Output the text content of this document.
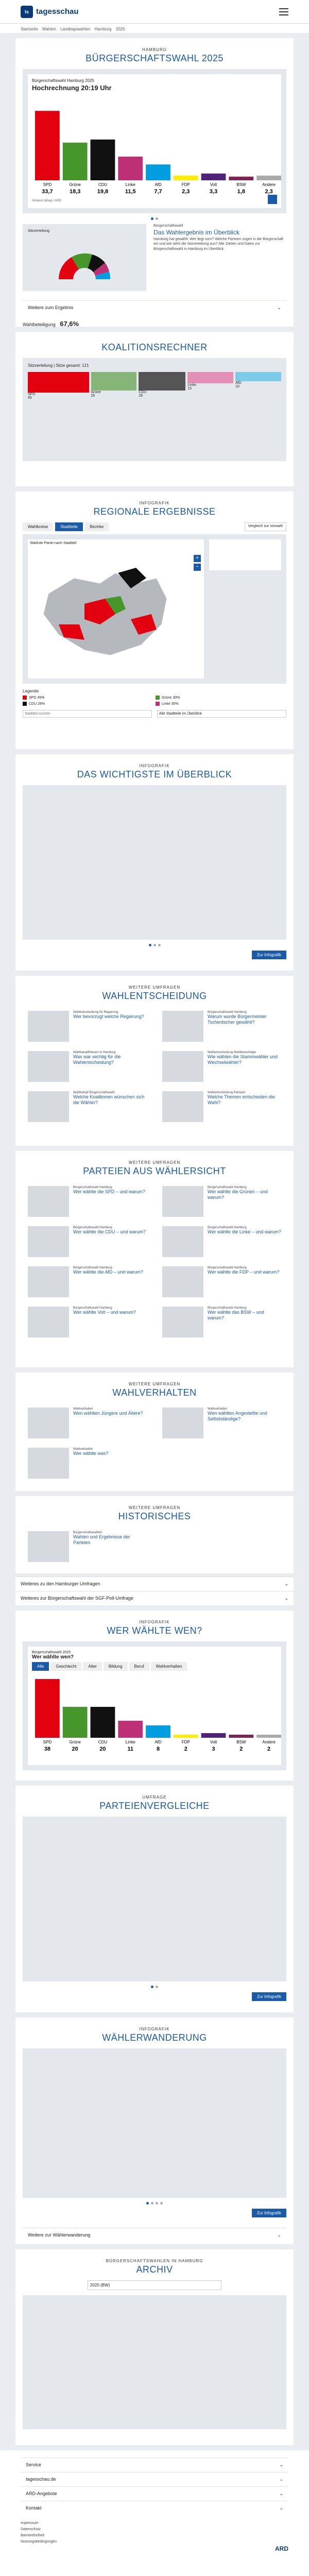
ts tagesschau
Startseite Wahlen Landtagswahlen Hamburg 2025
HAMBURG
BÜRGERSCHAFTSWAHL 2025
Bürgerschaftswahl Hamburg 2025
Hochrechnung 20:19 Uhr
SPD
33,7
Grüne
18,3
CDU
19,8
Linke
11,5
AfD
7,7
FDP
2,3
Volt
3,3
BSW
1,8
Andere
2,3
Infratest dimap / ARD
Sitzverteilung
Bürgerschaftswahl
Das Wahlergebnis im Überblick
Hamburg hat gewählt. Wer liegt vorn? Welche Parteien zogen in die Bürgerschaft ein und wie sieht die Sitzverteilung aus? Alle Zahlen und Daten zur Bürgerschaftswahl in Hamburg im Überblick.
Weitere zum Ergebnis	⌄
Wahlbeteiligung 67,6%
KOALITIONSRECHNER
Sitzverteilung | Sitze gesamt: 121
SPD
45
Grüne
25
CDU
26
Linke
15
AfD
10
INFOGRAFIK
REGIONALE ERGEBNISSE
Wahlkreise	Stadtteile	Bezirke	Vergleich zur Vorwahl
Stärkste Partei nach Stadtteil
+
−
Legende
SPD 45%	Grüne 30%
CDU 28%	Linke 35%
Stadtteil suchen
Alle Stadtteile im Überblick
INFOGRAFIK
DAS WICHTIGSTE IM ÜBERBLICK
Zur Infografik
WEITERE UMFRAGEN
WAHLENTSCHEIDUNG
Wahlentscheidung für Regierung
Wer bevorzugt welche Regierung?
Bürgerschaftswahl Hamburg
Warum wurde Bürgermeister Tschentscher gewählt?
Wahlkampfthemen in Hamburg
Was war wichtig für die Wahlentscheidung?
Wahlentscheidung Wahlberechtigte
Wie wählen die Stammwähler und Wechselwähler?
Wahlkampf Bürgerschaftswahl
Welche Koalitionen wünschen sich die Wähler?
Wahlentscheidung Parteien
Welche Themen entscheiden die Wahl?
WEITERE UMFRAGEN
PARTEIEN AUS WÄHLERSICHT
Bürgerschaftswahl Hamburg
Wer wählte die SPD – und warum?
Bürgerschaftswahl Hamburg
Wer wählte die Grünen – und warum?
Bürgerschaftswahl Hamburg
Wer wählte die CDU – und warum?
Bürgerschaftswahl Hamburg
Wer wählte die Linke – und warum?
Bürgerschaftswahl Hamburg
Wer wählte die AfD – und warum?
Bürgerschaftswahl Hamburg
Wer wählte die FDP – und warum?
Bürgerschaftswahl Hamburg
Wer wählte Volt – und warum?
Bürgerschaftswahl Hamburg
Wer wählte das BSW – und warum?
WEITERE UMFRAGEN
WAHLVERHALTEN
Wahlverhalten
Wen wählten Jüngere und Ältere?
Wahlverhalten
Wen wählten Angestellte und Selbstständige?
Wahlverhalten
Wer wählte was?
WEITERE UMFRAGEN
HISTORISCHES
Bürgerschaftswahlen
Wahlen und Ergebnisse der Parteien
Weiteres zu den Hamburger Umfragen	⌄
Weiteres zur Bürgerschaftswahl der SGF-Poll-Umfrage	⌄
INFOGRAFIK
WER WÄHLTE WEN?
Bürgerschaftswahl 2025
Wer wählte wen?
Alle	Geschlecht	Alter	Bildung	Beruf	Wahlverhalten
SPD
38
Grüne
20
CDU
20
Linke
11
AfD
8
FDP
2
Volt
3
BSW
2
Andere
2
UMFRAGE
PARTEIENVERGLEICHE
Zur Infografik
INFOGRAFIK
WÄHLERWANDERUNG
Zur Infografik
Weitere zur Wählerwanderung	⌄
BÜRGERSCHAFTSWAHLEN IN HAMBURG
ARCHIV
2020 (BW)
Service	⌄
tagesschau.de	⌄
ARD-Angebote	⌄
Kontakt	⌄
Impressum
Datenschutz
Barrierefreiheit
Nutzungsbedingungen
ARD
